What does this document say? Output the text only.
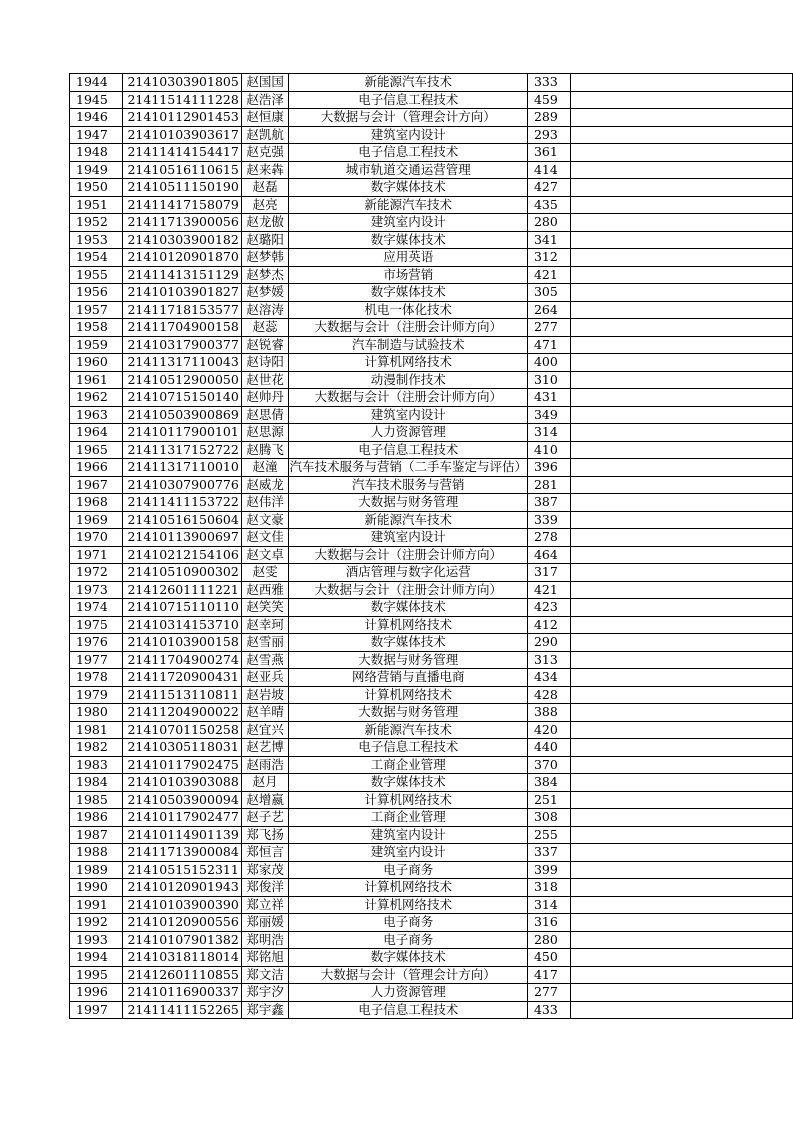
1944	21410303901805	赵国国	新能源汽车技术	333	
1945	21411514111228	赵浩泽	电子信息工程技术	459	
1946	21410112901453	赵恒康	大数据与会计（管理会计方向）	289	
1947	21410103903617	赵凯航	建筑室内设计	293	
1948	21411414154417	赵克强	电子信息工程技术	361	
1949	21410516110615	赵来犇	城市轨道交通运营管理	414	
1950	21410511150190	赵磊	数字媒体技术	427	
1951	21411417158079	赵亮	新能源汽车技术	435	
1952	21411713900056	赵龙傲	建筑室内设计	280	
1953	21410303900182	赵璐阳	数字媒体技术	341	
1954	21410120901870	赵梦韩	应用英语	312	
1955	21411413151129	赵梦杰	市场营销	421	
1956	21410103901827	赵梦媛	数字媒体技术	305	
1957	21411718153577	赵溶涛	机电一体化技术	264	
1958	21411704900158	赵蕊	大数据与会计（注册会计师方向）	277	
1959	21410317900377	赵锐睿	汽车制造与试验技术	471	
1960	21411317110043	赵诗阳	计算机网络技术	400	
1961	21410512900050	赵世花	动漫制作技术	310	
1962	21410715150140	赵帅丹	大数据与会计（注册会计师方向）	431	
1963	21410503900869	赵思倩	建筑室内设计	349	
1964	21410117900101	赵思源	人力资源管理	314	
1965	21411317152722	赵腾飞	电子信息工程技术	410	
1966	21411317110010	赵潼	汽车技术服务与营销（二手车鉴定与评估）	396	
1967	21410307900776	赵威龙	汽车技术服务与营销	281	
1968	21411411153722	赵伟洋	大数据与财务管理	387	
1969	21410516150604	赵文豪	新能源汽车技术	339	
1970	21410113900697	赵文佳	建筑室内设计	278	
1971	21410212154106	赵文卓	大数据与会计（注册会计师方向）	464	
1972	21410510900302	赵雯	酒店管理与数字化运营	317	
1973	21412601111221	赵西雅	大数据与会计（注册会计师方向）	421	
1974	21410715110110	赵笑笑	数字媒体技术	423	
1975	21410314153710	赵幸珂	计算机网络技术	412	
1976	21410103900158	赵雪丽	数字媒体技术	290	
1977	21411704900274	赵雪燕	大数据与财务管理	313	
1978	21411720900431	赵亚兵	网络营销与直播电商	434	
1979	21411513110811	赵岩坡	计算机网络技术	428	
1980	21411204900022	赵羊晴	大数据与财务管理	388	
1981	21410701150258	赵宜兴	新能源汽车技术	420	
1982	21410305118031	赵艺博	电子信息工程技术	440	
1983	21410117902475	赵雨浩	工商企业管理	370	
1984	21410103903088	赵月	数字媒体技术	384	
1985	21410503900094	赵增嬴	计算机网络技术	251	
1986	21410117902477	赵子艺	工商企业管理	308	
1987	21410114901139	郑飞扬	建筑室内设计	255	
1988	21411713900084	郑恒言	建筑室内设计	337	
1989	21410515152311	郑家茂	电子商务	399	
1990	21410120901943	郑俊洋	计算机网络技术	318	
1991	21410103900390	郑立祥	计算机网络技术	314	
1992	21410120900556	郑丽媛	电子商务	316	
1993	21410107901382	郑明浩	电子商务	280	
1994	21410318118014	郑铭旭	数字媒体技术	450	
1995	21412601110855	郑文洁	大数据与会计（管理会计方向）	417	
1996	21410116900337	郑宇汐	人力资源管理	277	
1997	21411411152265	郑宇鑫	电子信息工程技术	433	
